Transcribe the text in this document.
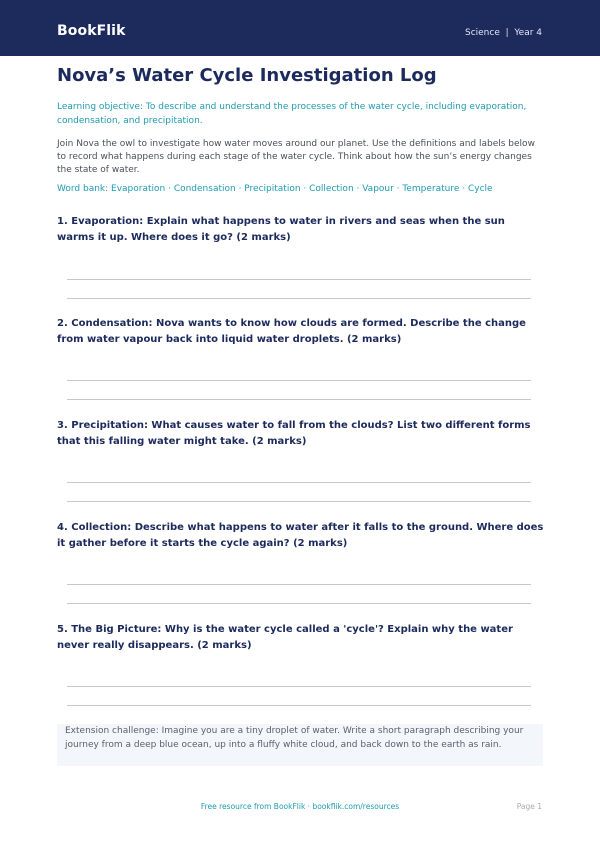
BookFlik	Science  |  Year 4
Nova’s Water Cycle Investigation Log
Learning objective: To describe and understand the processes of the water cycle, including evaporation, condensation, and precipitation.
Join Nova the owl to investigate how water moves around our planet. Use the definitions and labels below to record what happens during each stage of the water cycle. Think about how the sun’s energy changes the state of water.
Word bank: Evaporation · Condensation · Precipitation · Collection · Vapour · Temperature · Cycle
1. Evaporation: Explain what happens to water in rivers and seas when the sun warms it up. Where does it go? (2 marks)
2. Condensation: Nova wants to know how clouds are formed. Describe the change from water vapour back into liquid water droplets. (2 marks)
3. Precipitation: What causes water to fall from the clouds? List two different forms that this falling water might take. (2 marks)
4. Collection: Describe what happens to water after it falls to the ground. Where does it gather before it starts the cycle again? (2 marks)
5. The Big Picture: Why is the water cycle called a 'cycle'? Explain why the water never really disappears. (2 marks)
Extension challenge: Imagine you are a tiny droplet of water. Write a short paragraph describing your journey from a deep blue ocean, up into a fluffy white cloud, and back down to the earth as rain.
Free resource from BookFlik · bookflik.com/resources	Page 1
